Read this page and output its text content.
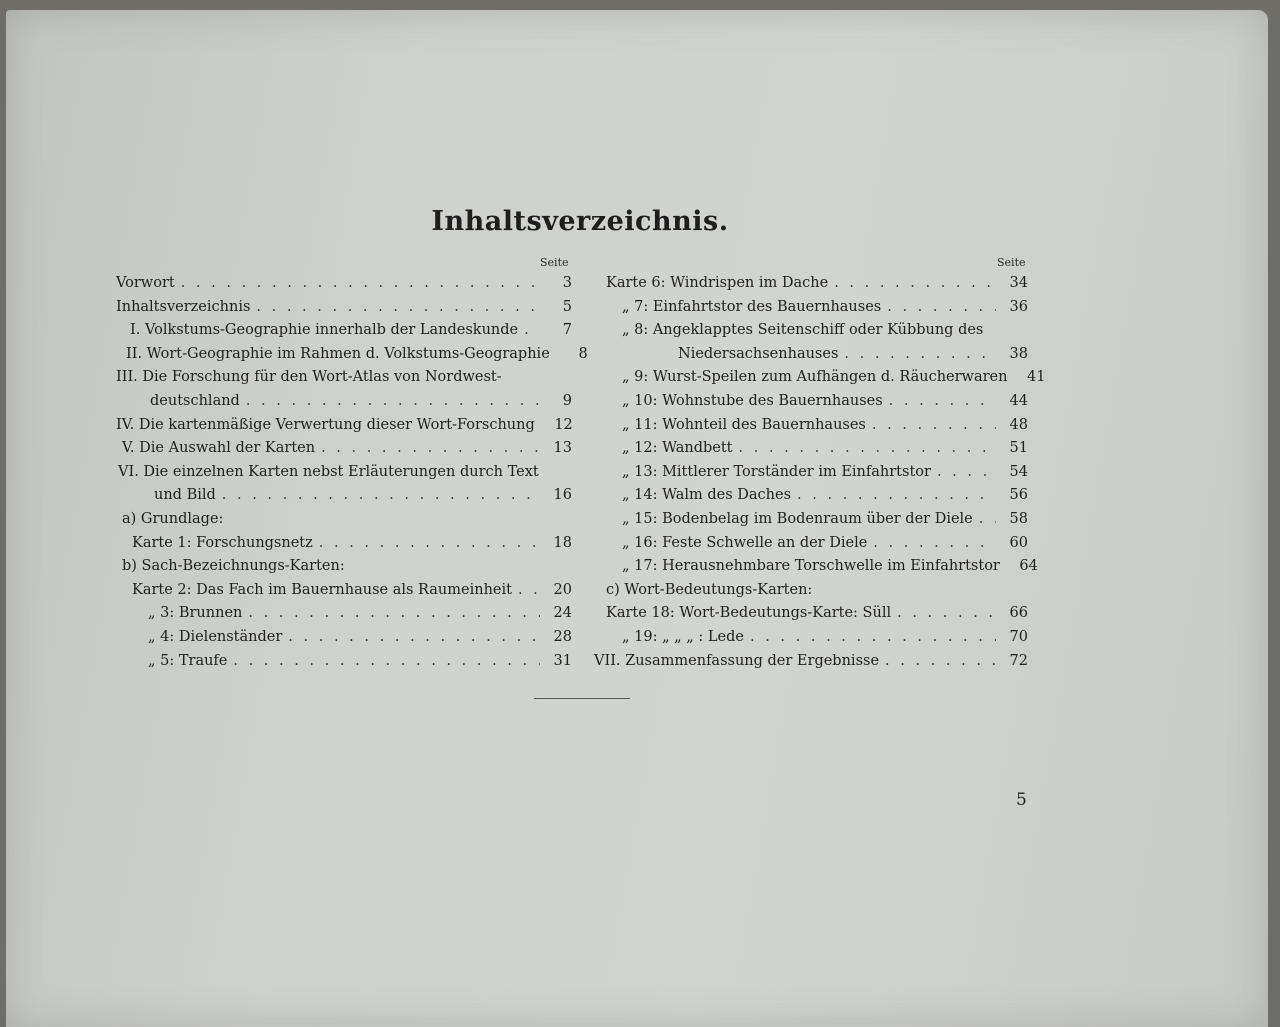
Inhaltsverzeichnis.
Seite	Seite
Vorwort . . .	3
Inhaltsverzeichnis . . .	5
I. Volkstums-Geographie innerhalb der Landeskunde . . .	7
II. Wort-Geographie im Rahmen d. Volkstums-Geographie	8
III. Die Forschung für den Wort-Atlas von Nordwest-
deutschland . . .	9
IV. Die kartenmäßige Verwertung dieser Wort-Forschung	12
V. Die Auswahl der Karten . . .	13
VI. Die einzelnen Karten nebst Erläuterungen durch Text
und Bild . . .	16
a) Grundlage:
Karte 1: Forschungsnetz . . .	18
b) Sach-Bezeichnungs-Karten:
Karte 2: Das Fach im Bauernhause als Raumeinheit . . .	20
„ 3: Brunnen . . .	24
„ 4: Dielenständer . . .	28
„ 5: Traufe . . .	31
Karte 6: Windrispen im Dache . . .	34
„ 7: Einfahrtstor des Bauernhauses . . .	36
„ 8: Angeklapptes Seitenschiff oder Kübbung des
Niedersachsenhauses . . .	38
„ 9: Wurst-Speilen zum Aufhängen d. Räucherwaren	41
„ 10: Wohnstube des Bauernhauses . . .	44
„ 11: Wohnteil des Bauernhauses . . .	48
„ 12: Wandbett . . .	51
„ 13: Mittlerer Torständer im Einfahrtstor . . .	54
„ 14: Walm des Daches . . .	56
„ 15: Bodenbelag im Bodenraum über der Diele . . .	58
„ 16: Feste Schwelle an der Diele . . .	60
„ 17: Herausnehmbare Torschwelle im Einfahrtstor	64
c) Wort-Bedeutungs-Karten:
Karte 18: Wort-Bedeutungs-Karte: Süll . . .	66
„ 19: „ „ „ : Lede . . .	70
VII. Zusammenfassung der Ergebnisse . . .	72
5
